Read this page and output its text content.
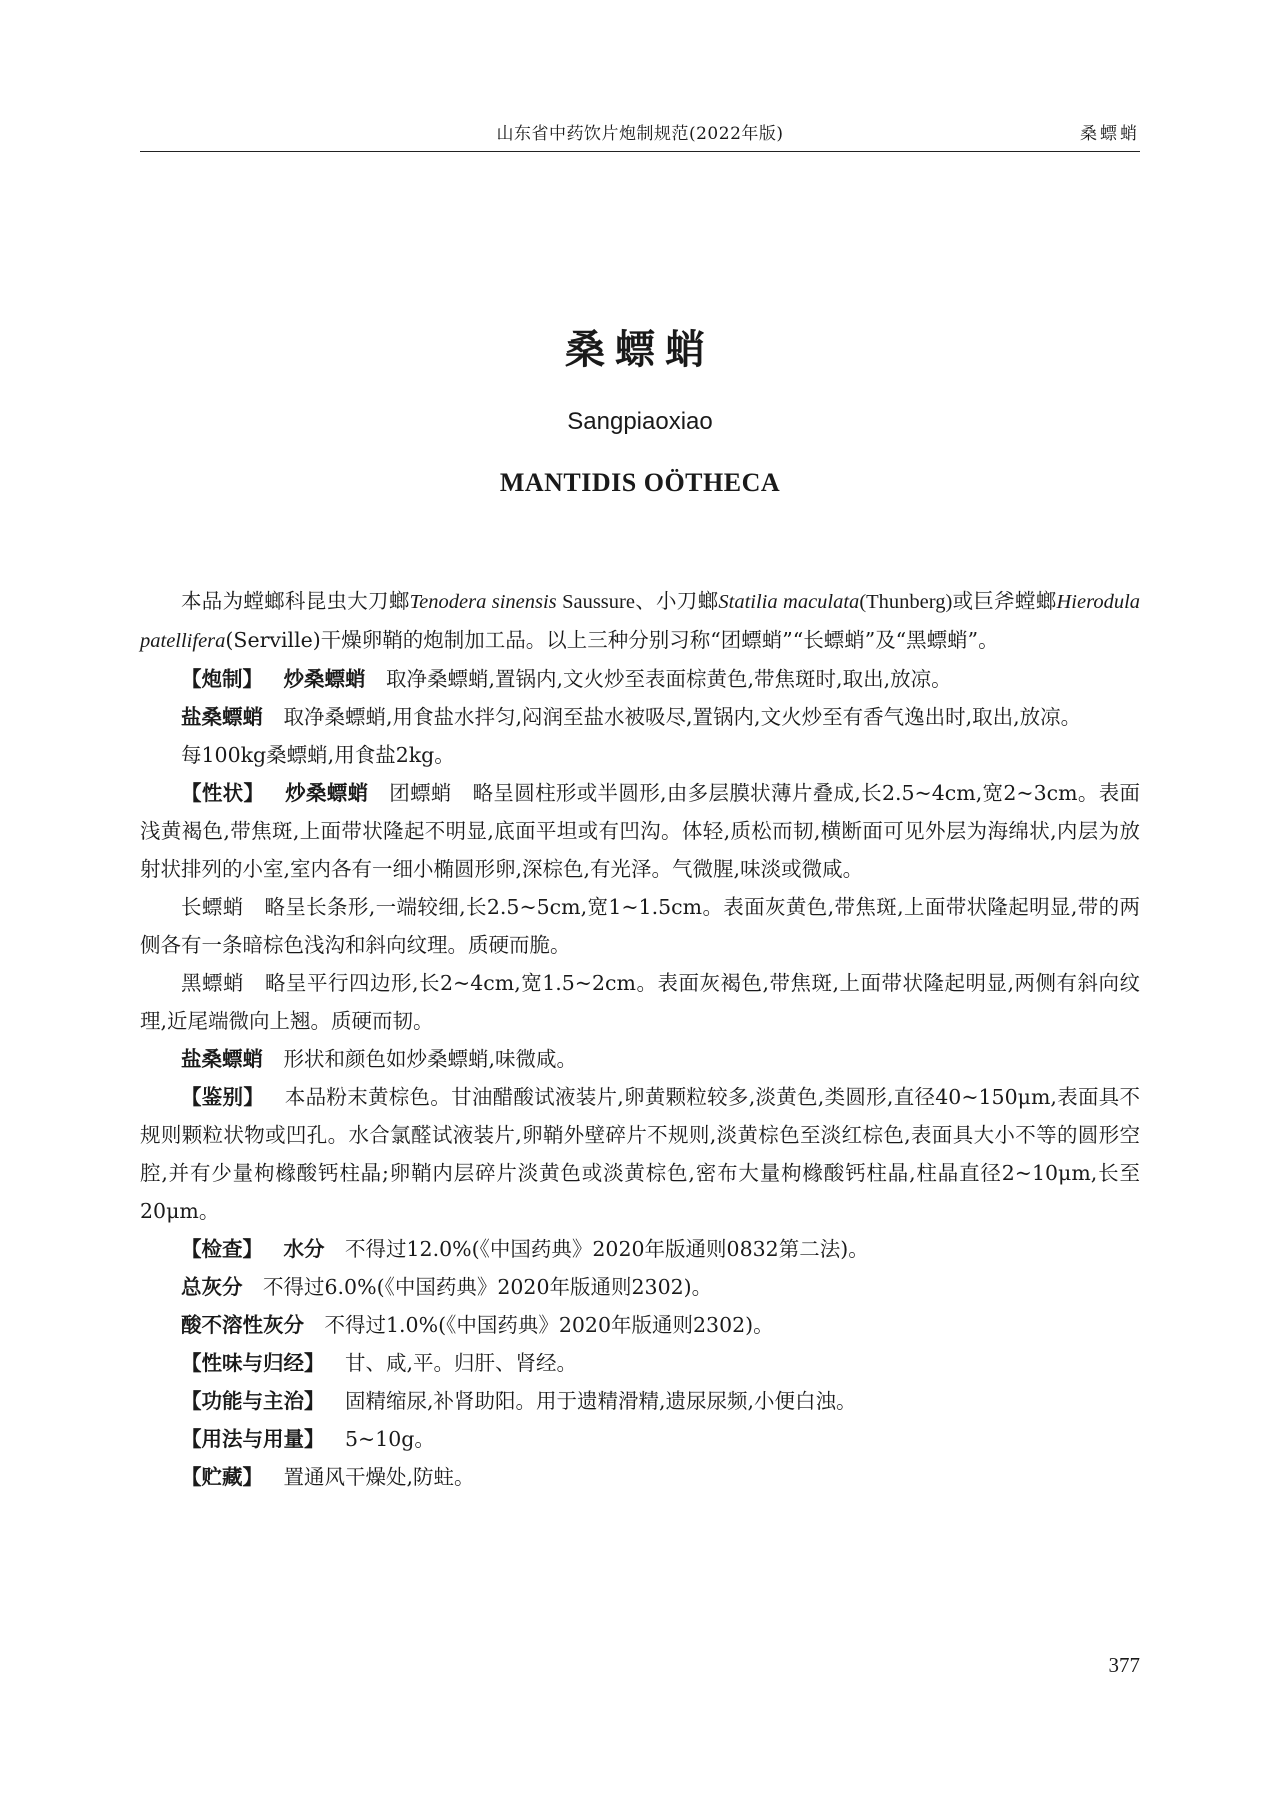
山东省中药饮片炮制规范(2022年版)	桑螵蛸
桑螵蛸
Sangpiaoxiao
MANTIDIS OÖTHECA

本品为螳螂科昆虫大刀螂Tenodera sinensis Saussure、小刀螂Statilia maculata(Thunberg)或巨斧螳螂Hierodula patellifera(Serville)干燥卵鞘的炮制加工品。以上三种分别习称“团螵蛸”“长螵蛸”及“黑螵蛸”。

【炮制】 炒桑螵蛸 取净桑螵蛸,置锅内,文火炒至表面棕黄色,带焦斑时,取出,放凉。

盐桑螵蛸 取净桑螵蛸,用食盐水拌匀,闷润至盐水被吸尽,置锅内,文火炒至有香气逸出时,取出,放凉。

每100kg桑螵蛸,用食盐2kg。

【性状】 炒桑螵蛸 团螵蛸 略呈圆柱形或半圆形,由多层膜状薄片叠成,长2.5~4cm,宽2~3cm。表面浅黄褐色,带焦斑,上面带状隆起不明显,底面平坦或有凹沟。体轻,质松而韧,横断面可见外层为海绵状,内层为放射状排列的小室,室内各有一细小椭圆形卵,深棕色,有光泽。气微腥,味淡或微咸。

长螵蛸 略呈长条形,一端较细,长2.5~5cm,宽1~1.5cm。表面灰黄色,带焦斑,上面带状隆起明显,带的两侧各有一条暗棕色浅沟和斜向纹理。质硬而脆。

黑螵蛸 略呈平行四边形,长2~4cm,宽1.5~2cm。表面灰褐色,带焦斑,上面带状隆起明显,两侧有斜向纹理,近尾端微向上翘。质硬而韧。

盐桑螵蛸 形状和颜色如炒桑螵蛸,味微咸。

【鉴别】 本品粉末黄棕色。甘油醋酸试液装片,卵黄颗粒较多,淡黄色,类圆形,直径40~150μm,表面具不规则颗粒状物或凹孔。水合氯醛试液装片,卵鞘外壁碎片不规则,淡黄棕色至淡红棕色,表面具大小不等的圆形空腔,并有少量枸橼酸钙柱晶;卵鞘内层碎片淡黄色或淡黄棕色,密布大量枸橼酸钙柱晶,柱晶直径2~10μm,长至20μm。

【检查】 水分 不得过12.0%(《中国药典》2020年版通则0832第二法)。

总灰分 不得过6.0%(《中国药典》2020年版通则2302)。

酸不溶性灰分 不得过1.0%(《中国药典》2020年版通则2302)。

【性味与归经】 甘、咸,平。归肝、肾经。

【功能与主治】 固精缩尿,补肾助阳。用于遗精滑精,遗尿尿频,小便白浊。

【用法与用量】 5~10g。

【贮藏】 置通风干燥处,防蛀。

377
